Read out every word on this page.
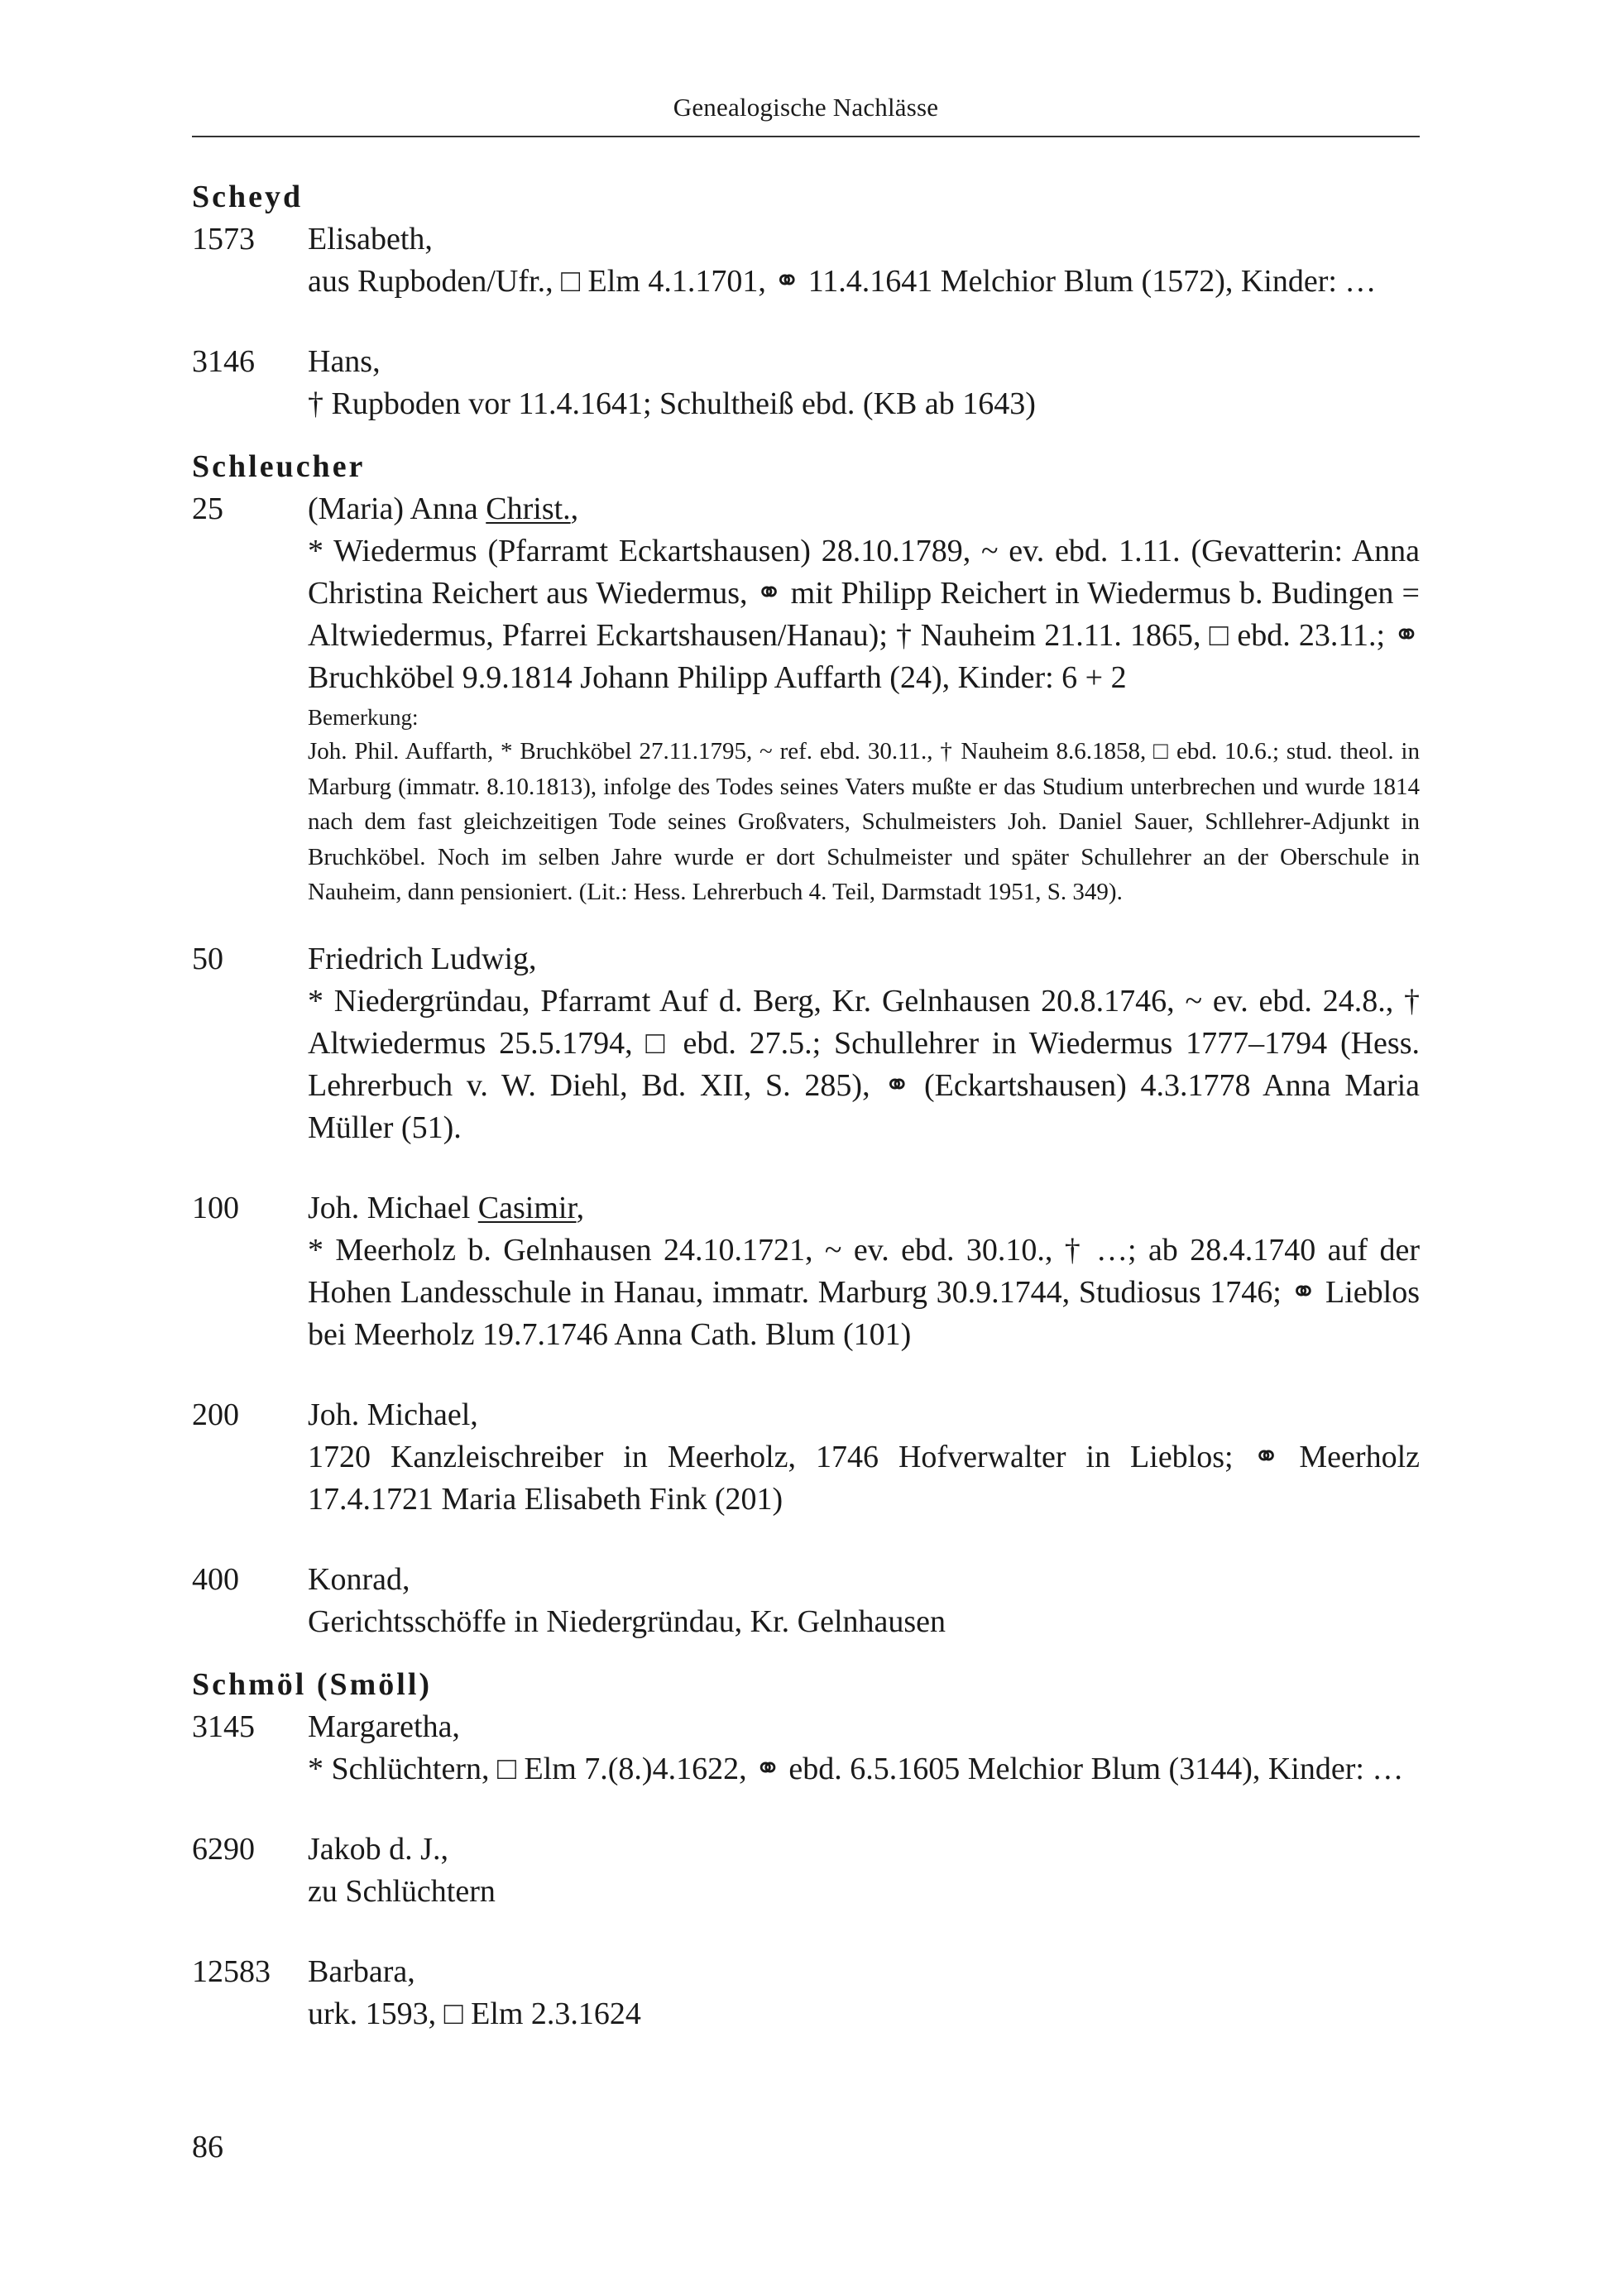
Genealogische Nachlässe
Scheyd
1573	Elisabeth,
aus Rupboden/Ufr., □ Elm 4.1.1701, ⚭ 11.4.1641 Melchior Blum (1572), Kinder: …
3146	Hans,
† Rupboden vor 11.4.1641; Schultheiß ebd. (KB ab 1643)
Schleucher
25	(Maria) Anna Christ.,
* Wiedermus (Pfarramt Eckartshausen) 28.10.1789, ~ ev. ebd. 1.11. (Gevatterin: Anna Christina Reichert aus Wiedermus, ⚭ mit Philipp Reichert in Wiedermus b. Budingen = Altwiedermus, Pfarrei Eckartshausen/Hanau); † Nauheim 21.11. 1865, □ ebd. 23.11.; ⚭ Bruchköbel 9.9.1814 Johann Philipp Auffarth (24), Kinder: 6 + 2
Bemerkung:
Joh. Phil. Auffarth, * Bruchköbel 27.11.1795, ~ ref. ebd. 30.11., † Nauheim 8.6.1858, □ ebd. 10.6.; stud. theol. in Marburg (immatr. 8.10.1813), infolge des Todes seines Vaters mußte er das Studium unterbrechen und wurde 1814 nach dem fast gleichzeitigen Tode seines Großvaters, Schulmeisters Joh. Daniel Sauer, Schllehrer-Adjunkt in Bruchköbel. Noch im selben Jahre wurde er dort Schulmeister und später Schullehrer an der Oberschule in Nauheim, dann pensioniert. (Lit.: Hess. Lehrerbuch 4. Teil, Darmstadt 1951, S. 349).
50	Friedrich Ludwig,
* Niedergründau, Pfarramt Auf d. Berg, Kr. Gelnhausen 20.8.1746, ~ ev. ebd. 24.8., † Altwiedermus 25.5.1794, □ ebd. 27.5.; Schullehrer in Wiedermus 1777–1794 (Hess. Lehrerbuch v. W. Diehl, Bd. XII, S. 285), ⚭ (Eckartshausen) 4.3.1778 Anna Maria Müller (51).
100	Joh. Michael Casimir,
* Meerholz b. Gelnhausen 24.10.1721, ~ ev. ebd. 30.10., † …; ab 28.4.1740 auf der Hohen Landesschule in Hanau, immatr. Marburg 30.9.1744, Studiosus 1746; ⚭ Lieblos bei Meerholz 19.7.1746 Anna Cath. Blum (101)
200	Joh. Michael,
1720 Kanzleischreiber in Meerholz, 1746 Hofverwalter in Lieblos; ⚭ Meerholz 17.4.1721 Maria Elisabeth Fink (201)
400	Konrad,
Gerichtsschöffe in Niedergründau, Kr. Gelnhausen
Schmöl (Smöll)
3145	Margaretha,
* Schlüchtern, □ Elm 7.(8.)4.1622, ⚭ ebd. 6.5.1605 Melchior Blum (3144), Kinder: …
6290	Jakob d. J.,
zu Schlüchtern
12583	Barbara,
urk. 1593, □ Elm 2.3.1624
86
